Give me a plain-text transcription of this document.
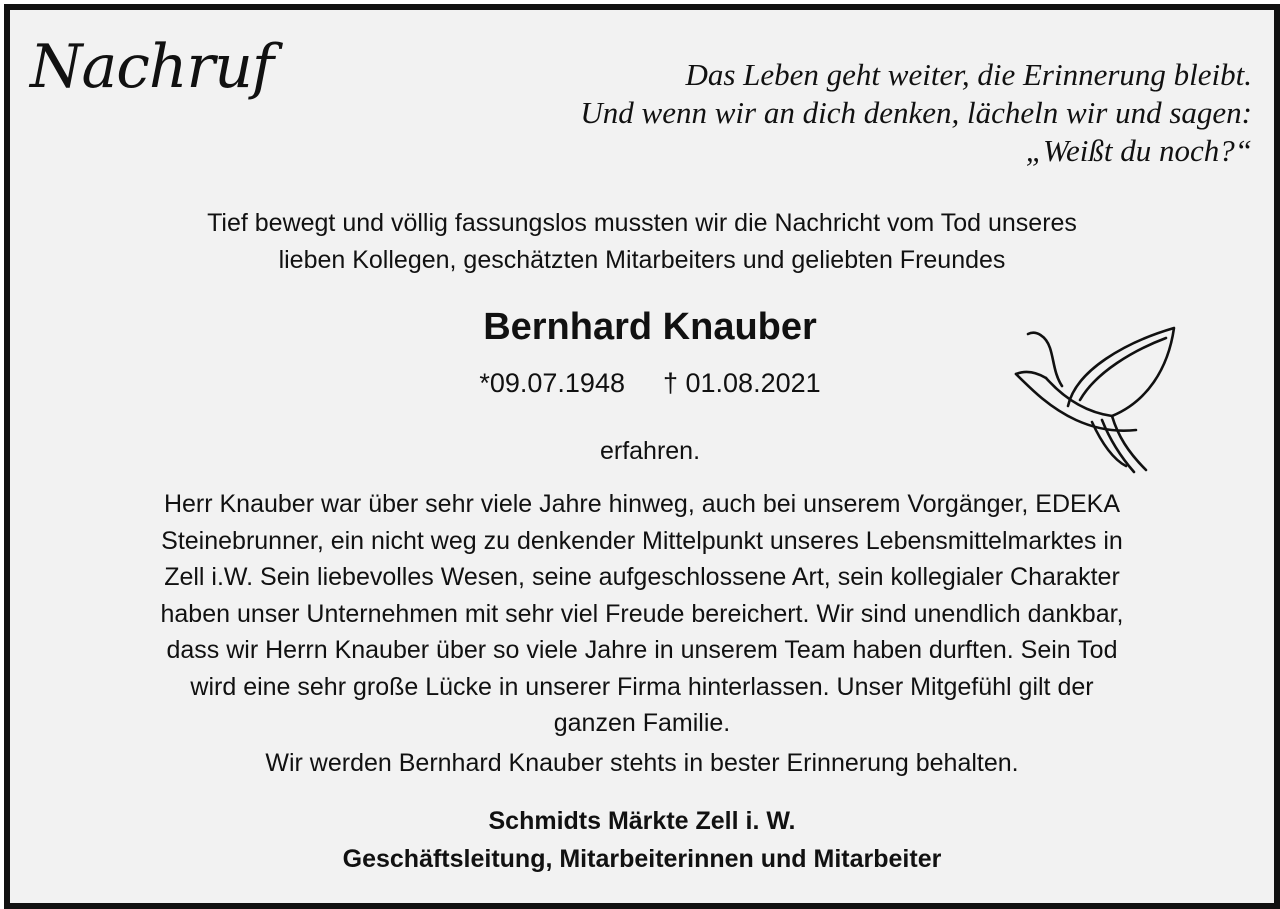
Nachruf	Das Leben geht weiter, die Erinnerung bleibt.
Und wenn wir an dich denken, lächeln wir und sagen:
„Weißt du noch?“
Tief bewegt und völlig fassungslos mussten wir die Nachricht vom Tod unseres
lieben Kollegen, geschätzten Mitarbeiters und geliebten Freundes
Bernhard Knauber
*09.07.1948 † 01.08.2021
erfahren.
Herr Knauber war über sehr viele Jahre hinweg, auch bei unserem Vorgänger, EDEKA
Steinebrunner, ein nicht weg zu denkender Mittelpunkt unseres Lebensmittelmarktes in
Zell i.W. Sein liebevolles Wesen, seine aufgeschlossene Art, sein kollegialer Charakter
haben unser Unternehmen mit sehr viel Freude bereichert. Wir sind unendlich dankbar,
dass wir Herrn Knauber über so viele Jahre in unserem Team haben durften. Sein Tod
wird eine sehr große Lücke in unserer Firma hinterlassen. Unser Mitgefühl gilt der
ganzen Familie.
Wir werden Bernhard Knauber stehts in bester Erinnerung behalten.
Schmidts Märkte Zell i. W.
Geschäftsleitung, Mitarbeiterinnen und Mitarbeiter
